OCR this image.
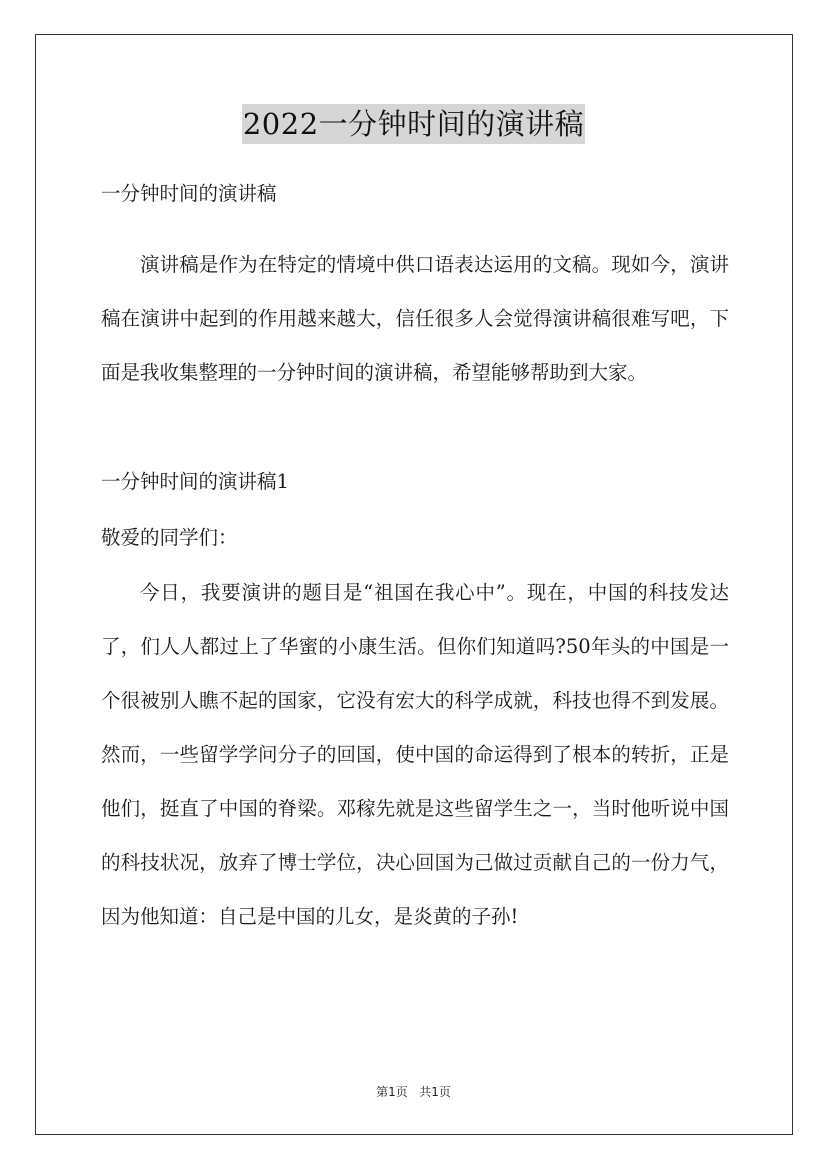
2022一分钟时间的演讲稿
一分钟时间的演讲稿

演讲稿是作为在特定的情境中供口语表达运用的文稿。现如今，演讲稿在演讲中起到的作用越来越大，信任很多人会觉得演讲稿很难写吧，下面是我收集整理的一分钟时间的演讲稿，希望能够帮助到大家。

一分钟时间的演讲稿1
敬爱的同学们：

今日，我要演讲的题目是“祖国在我心中”。现在，中国的科技发达了，们人人都过上了华蜜的小康生活。但你们知道吗?50年头的中国是一个很被别人瞧不起的国家，它没有宏大的科学成就，科技也得不到发展。然而，一些留学学问分子的回国，使中国的命运得到了根本的转折，正是他们，挺直了中国的脊梁。邓稼先就是这些留学生之一，当时他听说中国的科技状况，放弃了博士学位，决心回国为己做过贡献自己的一份力气，因为他知道：自己是中国的儿女，是炎黄的子孙!

第1页 共1页
